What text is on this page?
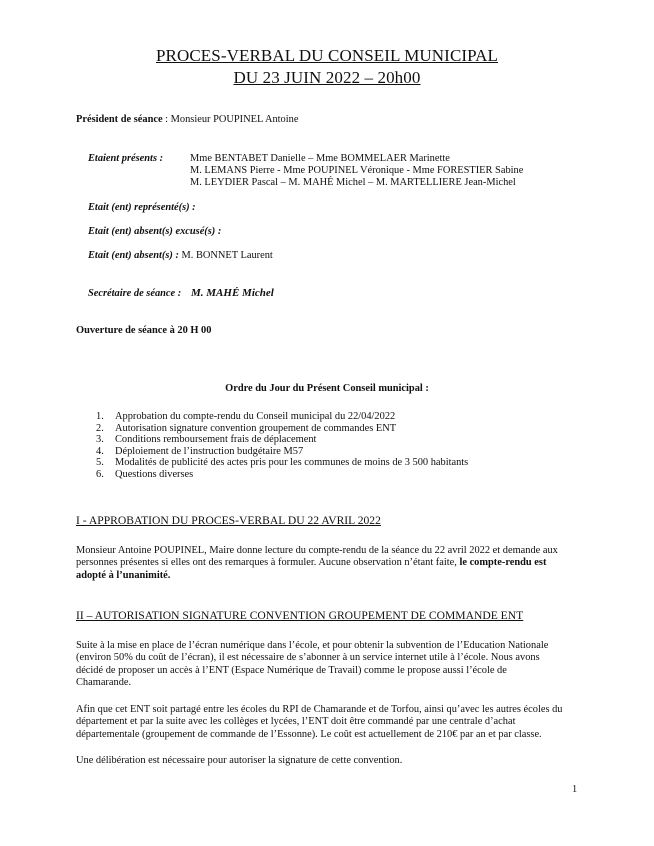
PROCES-VERBAL DU CONSEIL MUNICIPAL
DU 23 JUIN 2022 – 20h00
Président de séance : Monsieur POUPINEL Antoine
Etaient présents :	Mme BENTABET Danielle – Mme BOMMELAER Marinette
M. LEMANS Pierre - Mme POUPINEL Véronique - Mme FORESTIER Sabine
M. LEYDIER Pascal – M. MAHÉ Michel – M. MARTELLIERE Jean-Michel
Etait (ent) représenté(s) :
Etait (ent) absent(s) excusé(s) :
Etait (ent) absent(s) : M. BONNET Laurent
Secrétaire de séance : M. MAHÉ Michel
Ouverture de séance à 20 H 00
Ordre du Jour du Présent Conseil municipal :
1. Approbation du compte-rendu du Conseil municipal du 22/04/2022
2. Autorisation signature convention groupement de commandes ENT
3. Conditions remboursement frais de déplacement
4. Déploiement de l’instruction budgétaire M57
5. Modalités de publicité des actes pris pour les communes de moins de 3 500 habitants
6. Questions diverses
I - APPROBATION DU PROCES-VERBAL DU 22 AVRIL 2022
Monsieur Antoine POUPINEL, Maire donne lecture du compte-rendu de la séance du 22 avril 2022 et demande aux
personnes présentes si elles ont des remarques à formuler. Aucune observation n’étant faite, le compte-rendu est
adopté à l’unanimité.
II – AUTORISATION SIGNATURE CONVENTION GROUPEMENT DE COMMANDE ENT
Suite à la mise en place de l’écran numérique dans l’école, et pour obtenir la subvention de l’Education Nationale
(environ 50% du coût de l’écran), il est nécessaire de s’abonner à un service internet utile à l’école. Nous avons
décidé de proposer un accès à l’ENT (Espace Numérique de Travail) comme le propose aussi l’école de
Chamarande.
Afin que cet ENT soit partagé entre les écoles du RPI de Chamarande et de Torfou, ainsi qu’avec les autres écoles du
département et par la suite avec les collèges et lycées, l’ENT doit être commandé par une centrale d’achat
départementale (groupement de commande de l’Essonne). Le coût est actuellement de 210€ par an et par classe.
Une délibération est nécessaire pour autoriser la signature de cette convention.
1
